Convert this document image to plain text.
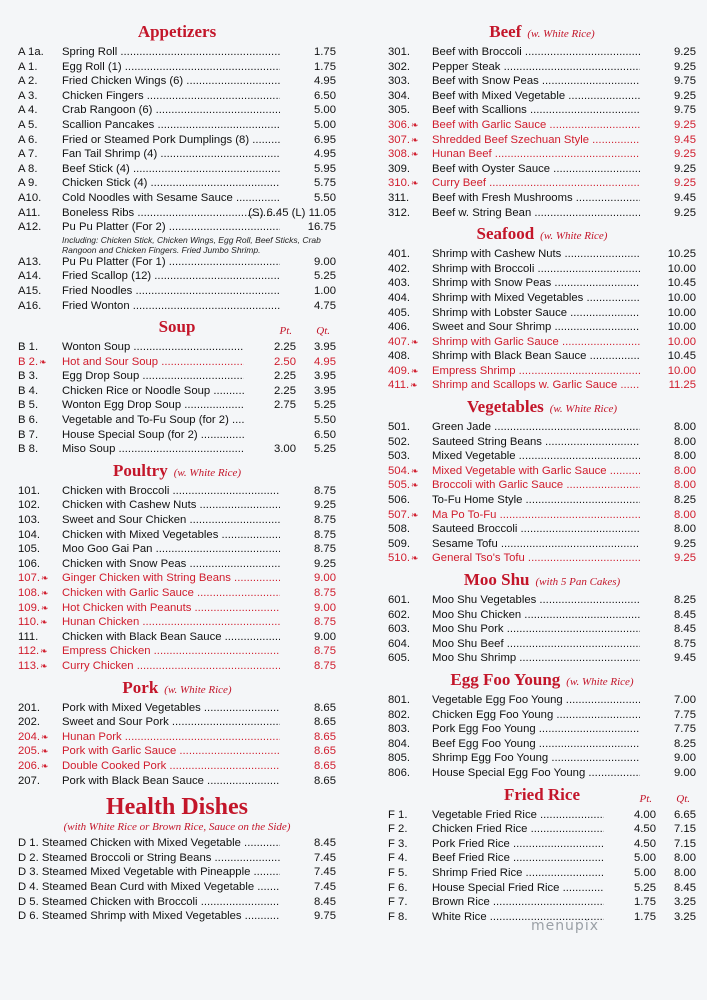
Appetizers
A 1a.	Spring Roll .....	1.75
A 1.	Egg Roll (1) .....	1.75
A 2.	Fried Chicken Wings (6) .....	4.95
A 3.	Chicken Fingers .....	6.50
A 4.	Crab Rangoon (6) .....	5.00
A 5.	Scallion Pancakes .....	5.00
A 6.	Fried or Steamed Pork Dumplings (8) .....	6.95
A 7.	Fan Tail Shrimp (4) .....	4.95
A 8.	Beef Stick (4) .....	5.95
A 9.	Chicken Stick (4) .....	5.75
A10.	Cold Noodles with Sesame Sauce .....	5.50
A11.	Boneless Ribs .....	(S) 6.45 (L) 11.05
A12.	Pu Pu Platter (For 2) .....	16.75
Including: Chicken Stick, Chicken Wings, Egg Roll, Beef Sticks, Crab Rangoon and Chicken Fingers. Fried Jumbo Shrimp.
A13.	Pu Pu Platter (For 1) .....	9.00
A14.	Fried Scallop (12) .....	5.25
A15.	Fried Noodles .....	1.00
A16.	Fried Wonton .....	4.75
Soup	Pt. Qt.
B 1.	Wonton Soup .....	2.25 3.95
B 2. ❧	Hot and Sour Soup .....	2.50 4.95
B 3.	Egg Drop Soup .....	2.25 3.95
B 4.	Chicken Rice or Noodle Soup .....	2.25 3.95
B 5.	Wonton Egg Drop Soup .....	2.75 5.25
B 6.	Vegetable and To-Fu Soup (for 2) .....	5.50
B 7.	House Special Soup (for 2) .....	6.50
B 8.	Miso Soup .....	3.00 5.25
Poultry (w. White Rice)
101.	Chicken with Broccoli .....	8.75
102.	Chicken with Cashew Nuts .....	9.25
103.	Sweet and Sour Chicken .....	8.75
104.	Chicken with Mixed Vegetables .....	8.75
105.	Moo Goo Gai Pan .....	8.75
106.	Chicken with Snow Peas .....	9.25
107. ❧	Ginger Chicken with String Beans .....	9.00
108. ❧	Chicken with Garlic Sauce .....	8.75
109. ❧	Hot Chicken with Peanuts .....	9.00
110. ❧	Hunan Chicken .....	8.75
111.	Chicken with Black Bean Sauce .....	9.00
112. ❧	Empress Chicken .....	8.75
113. ❧	Curry Chicken .....	8.75
Pork (w. White Rice)
201.	Pork with Mixed Vegetables .....	8.65
202.	Sweet and Sour Pork .....	8.65
204. ❧	Hunan Pork .....	8.65
205. ❧	Pork with Garlic Sauce .....	8.65
206. ❧	Double Cooked Pork .....	8.65
207.	Pork with Black Bean Sauce .....	8.65
Health Dishes
(with White Rice or Brown Rice, Sauce on the Side)
D 1. Steamed Chicken with Mixed Vegetable .....	8.45
D 2. Steamed Broccoli or String Beans .....	7.45
D 3. Steamed Mixed Vegetable with Pineapple .....	7.45
D 4. Steamed Bean Curd with Mixed Vegetable .....	7.45
D 5. Steamed Chicken with Broccoli .....	8.45
D 6. Steamed Shrimp with Mixed Vegetables .....	9.75
Beef (w. White Rice)
301.	Beef with Broccoli .....	9.25
302.	Pepper Steak .....	9.25
303.	Beef with Snow Peas .....	9.75
304.	Beef with Mixed Vegetable .....	9.25
305.	Beef with Scallions .....	9.75
306. ❧	Beef with Garlic Sauce .....	9.25
307. ❧	Shredded Beef Szechuan Style .....	9.45
308. ❧	Hunan Beef .....	9.25
309.	Beef with Oyster Sauce .....	9.25
310. ❧	Curry Beef .....	9.25
311.	Beef with Fresh Mushrooms .....	9.45
312.	Beef w. String Bean .....	9.25
Seafood (w. White Rice)
401.	Shrimp with Cashew Nuts .....	10.25
402.	Shrimp with Broccoli .....	10.00
403.	Shrimp with Snow Peas .....	10.45
404.	Shrimp with Mixed Vegetables .....	10.00
405.	Shrimp with Lobster Sauce .....	10.00
406.	Sweet and Sour Shrimp .....	10.00
407. ❧	Shrimp with Garlic Sauce .....	10.00
408.	Shrimp with Black Bean Sauce .....	10.45
409. ❧	Empress Shrimp .....	10.00
411. ❧	Shrimp and Scallops w. Garlic Sauce .....	11.25
Vegetables (w. White Rice)
501.	Green Jade .....	8.00
502.	Sauteed String Beans .....	8.00
503.	Mixed Vegetable .....	8.00
504. ❧	Mixed Vegetable with Garlic Sauce .....	8.00
505. ❧	Broccoli with Garlic Sauce .....	8.00
506.	To-Fu Home Style .....	8.25
507. ❧	Ma Po To-Fu .....	8.00
508.	Sauteed Broccoli .....	8.00
509.	Sesame Tofu .....	9.25
510. ❧	General Tso's Tofu .....	9.25
Moo Shu (with 5 Pan Cakes)
601.	Moo Shu Vegetables .....	8.25
602.	Moo Shu Chicken .....	8.45
603.	Moo Shu Pork .....	8.45
604.	Moo Shu Beef .....	8.75
605.	Moo Shu Shrimp .....	9.45
Egg Foo Young (w. White Rice)
801.	Vegetable Egg Foo Young .....	7.00
802.	Chicken Egg Foo Young .....	7.75
803.	Pork Egg Foo Young .....	7.75
804.	Beef Egg Foo Young .....	8.25
805.	Shrimp Egg Foo Young .....	9.00
806.	House Special Egg Foo Young .....	9.00
Fried Rice	Pt. Qt.
F 1.	Vegetable Fried Rice .....	4.00 6.65
F 2.	Chicken Fried Rice .....	4.50 7.15
F 3.	Pork Fried Rice .....	4.50 7.15
F 4.	Beef Fried Rice .....	5.00 8.00
F 5.	Shrimp Fried Rice .....	5.00 8.00
F 6.	House Special Fried Rice .....	5.25 8.45
F 7.	Brown Rice .....	1.75 3.25
F 8.	White Rice .....	1.75 3.25
menupix
